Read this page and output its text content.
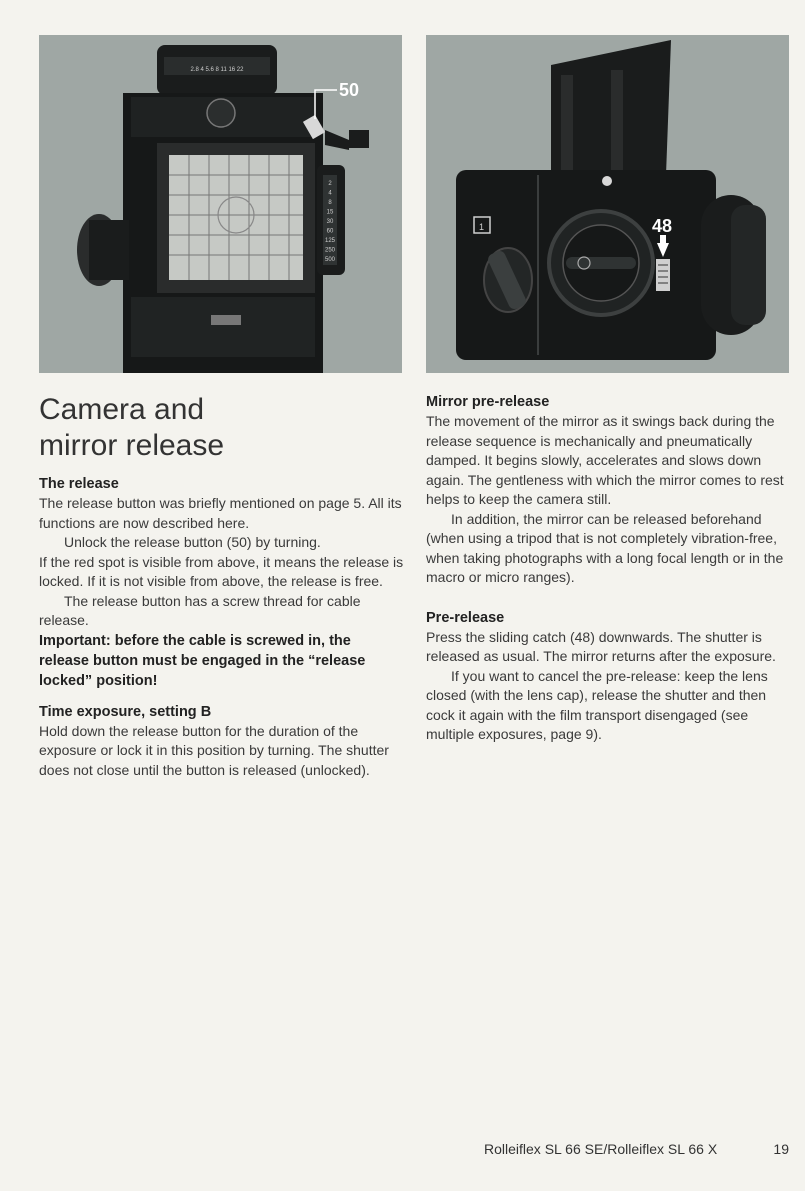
2.8 4 5.6 8 11 16 22
50
2
4
8
15
30
60
125
250
500
1	48
Camera and mirror release
The release

The release button was briefly mentioned on page 5. All its functions are now described here.

Unlock the release button (50) by turning.

If the red spot is visible from above, it means the release is locked. If it is not visible from above, the release is free.

The release button has a screw thread for cable release.

Important: before the cable is screwed in, the release button must be engaged in the “release locked” position!

Time exposure, setting B

Hold down the release button for the duration of the exposure or lock it in this position by turning. The shutter does not close until the button is released (unlocked).

Mirror pre-release

The movement of the mirror as it swings back during the release sequence is mechanically and pneumatically damped. It begins slowly, accelerates and slows down again. The gentleness with which the mirror comes to rest helps to keep the camera still.

In addition, the mirror can be released beforehand (when using a tripod that is not completely vibration-free, when taking photographs with a long focal length or in the macro or micro ranges).

Pre-release

Press the sliding catch (48) downwards. The shutter is released as usual. The mirror returns after the exposure.

If you want to cancel the pre-release: keep the lens closed (with the lens cap), release the shutter and then cock it again with the film transport disengaged (see multiple exposures, page 9).

Rolleiflex SL 66 SE/Rolleiflex SL 66 X	19
